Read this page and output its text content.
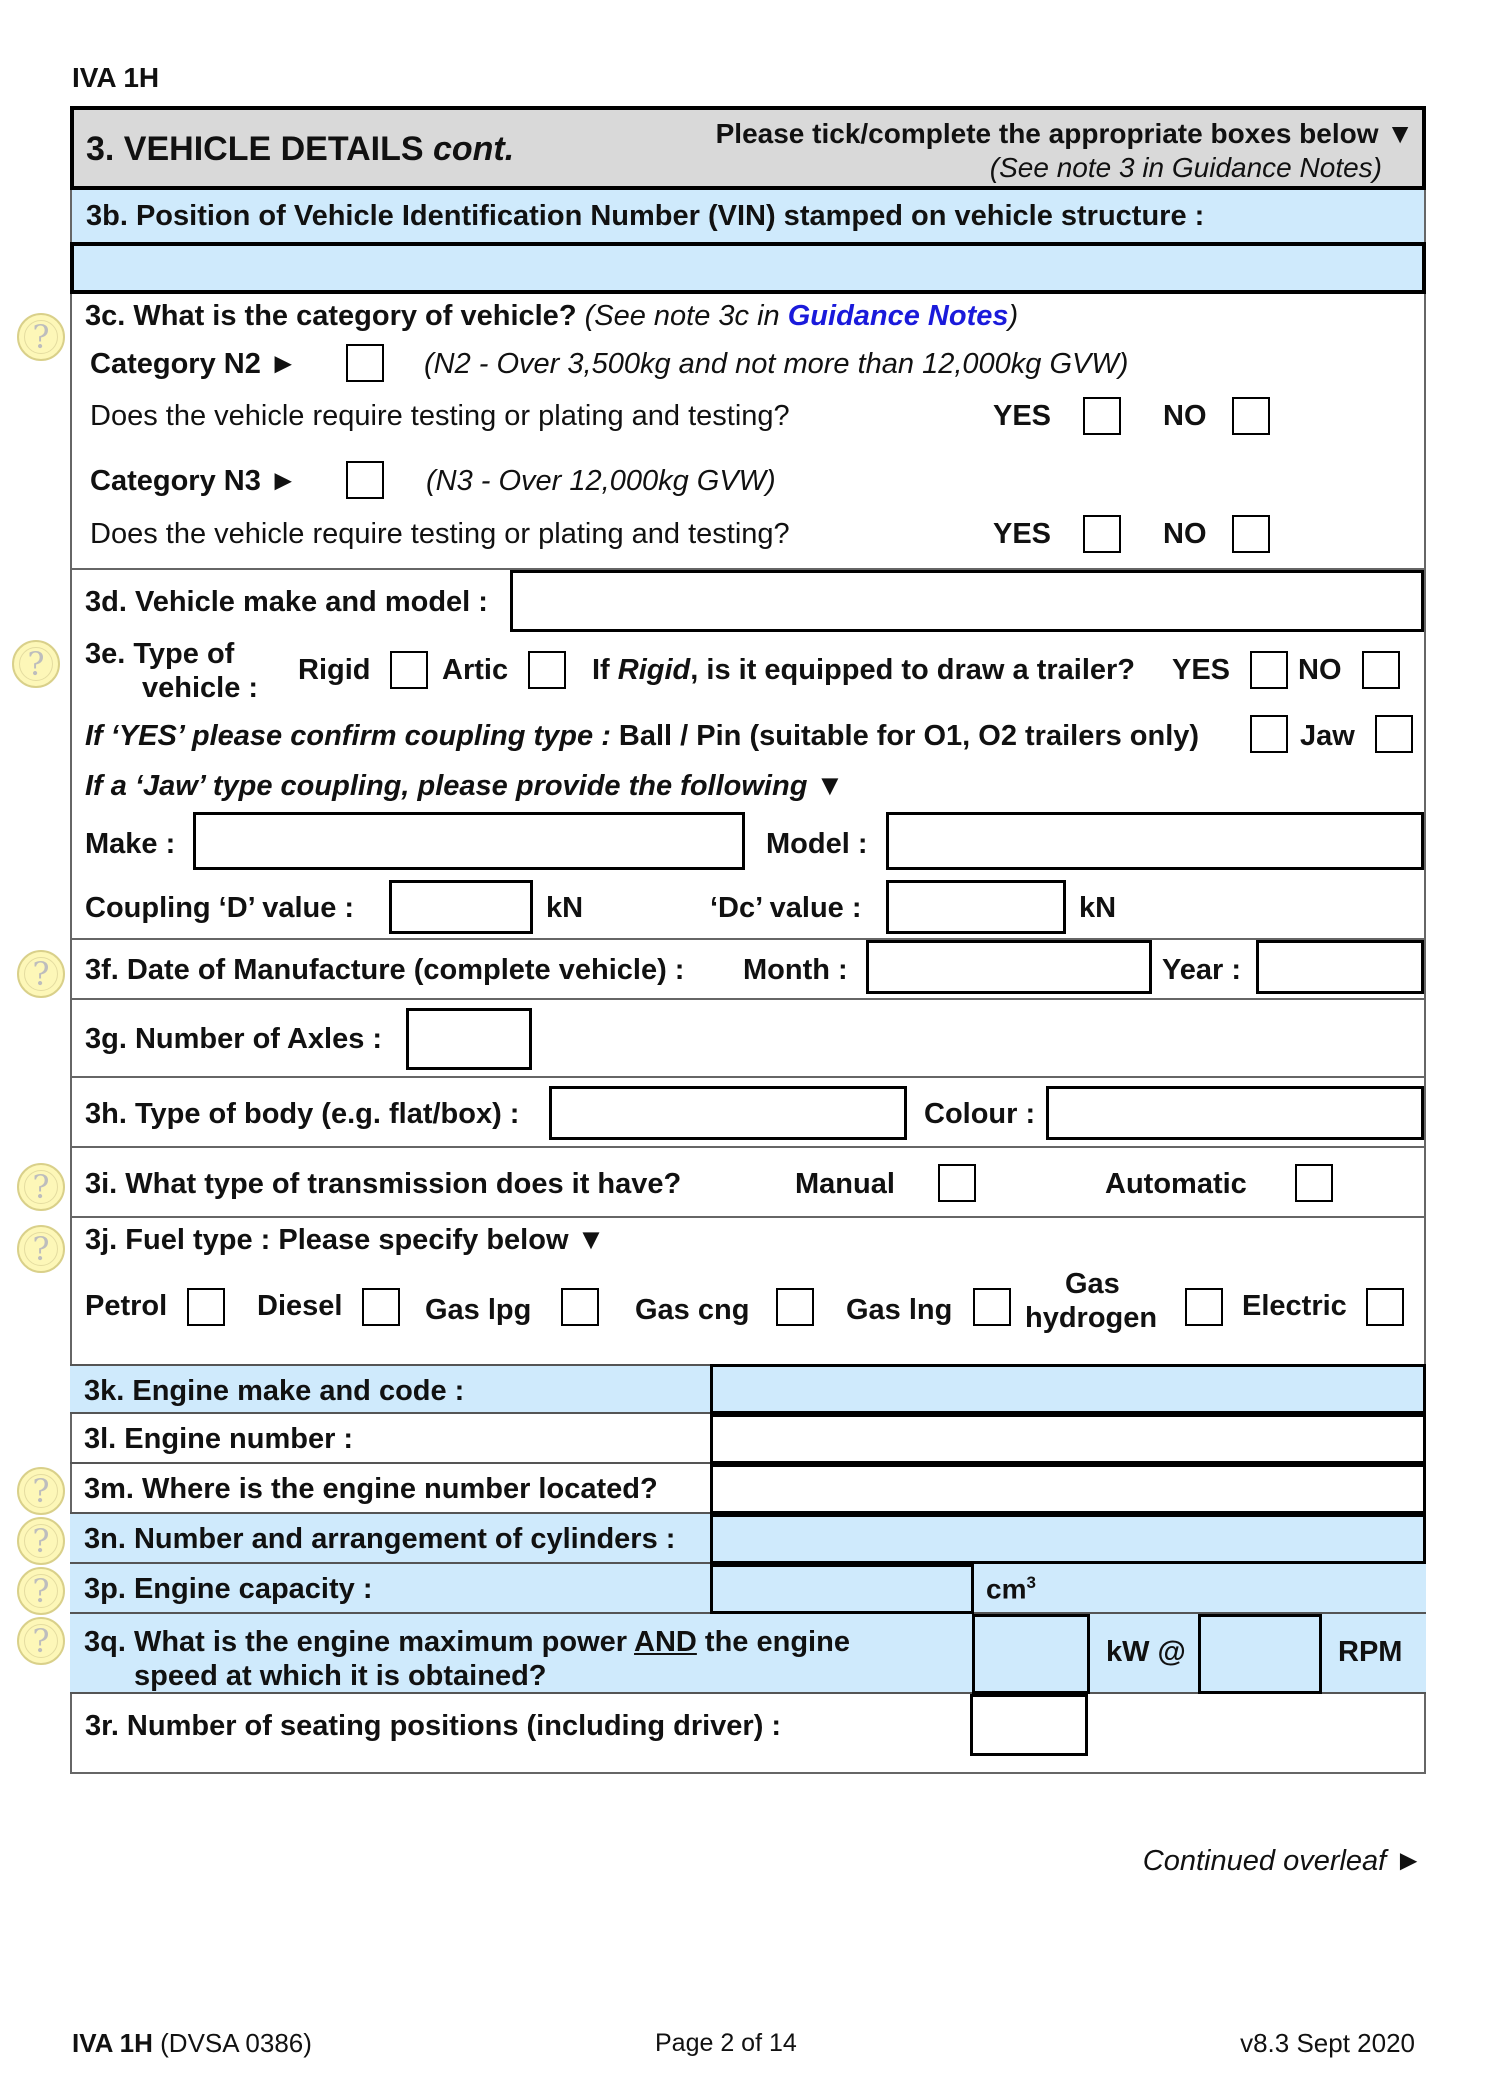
IVA 1H
3. VEHICLE DETAILS cont.	Please tick/complete the appropriate boxes below ▼
(See note 3 in Guidance Notes)
3b. Position of Vehicle Identification Number (VIN) stamped on vehicle structure :
?
3c. What is the category of vehicle? (See note 3c in Guidance Notes)
Category N2 ►	(N2 - Over 3,500kg and not more than 12,000kg GVW)
Does the vehicle require testing or plating and testing?	YES	NO
Category N3 ►	(N3 - Over 12,000kg GVW)
Does the vehicle require testing or plating and testing?	YES	NO
3d. Vehicle make and model :
?	3e. Type of
vehicle :
Rigid Artic	If Rigid, is it equipped to draw a trailer? YES NO
If ‘YES’ please confirm coupling type : Ball / Pin (suitable for O1, O2 trailers only)	Jaw
If a ‘Jaw’ type coupling, please provide the following ▼
Make :	Model :
Coupling ‘D’ value :	kN	‘Dc’ value :	kN
?	3f. Date of Manufacture (complete vehicle) : Month :	Year :
3g. Number of Axles :
3h. Type of body (e.g. flat/box) :	Colour :
?	3i. What type of transmission does it have?	Manual	Automatic
?	3j. Fuel type : Please specify below ▼
Petrol	Diesel	Gas lpg	Gas cng	Gas lng
Gas
hydrogen	Electric
3k. Engine make and code :
3l. Engine number :
3m. Where is the engine number located?
3n. Number and arrangement of cylinders :
3p. Engine capacity :	$cm^3$
3q. What is the engine maximum power AND the engine
speed at which it is obtained?
kW @	RPM
?
?
?
?
3r. Number of seating positions (including driver) :
Continued overleaf ►
IVA 1H (DVSA 0386)	Page 2 of 14	v8.3 Sept 2020
